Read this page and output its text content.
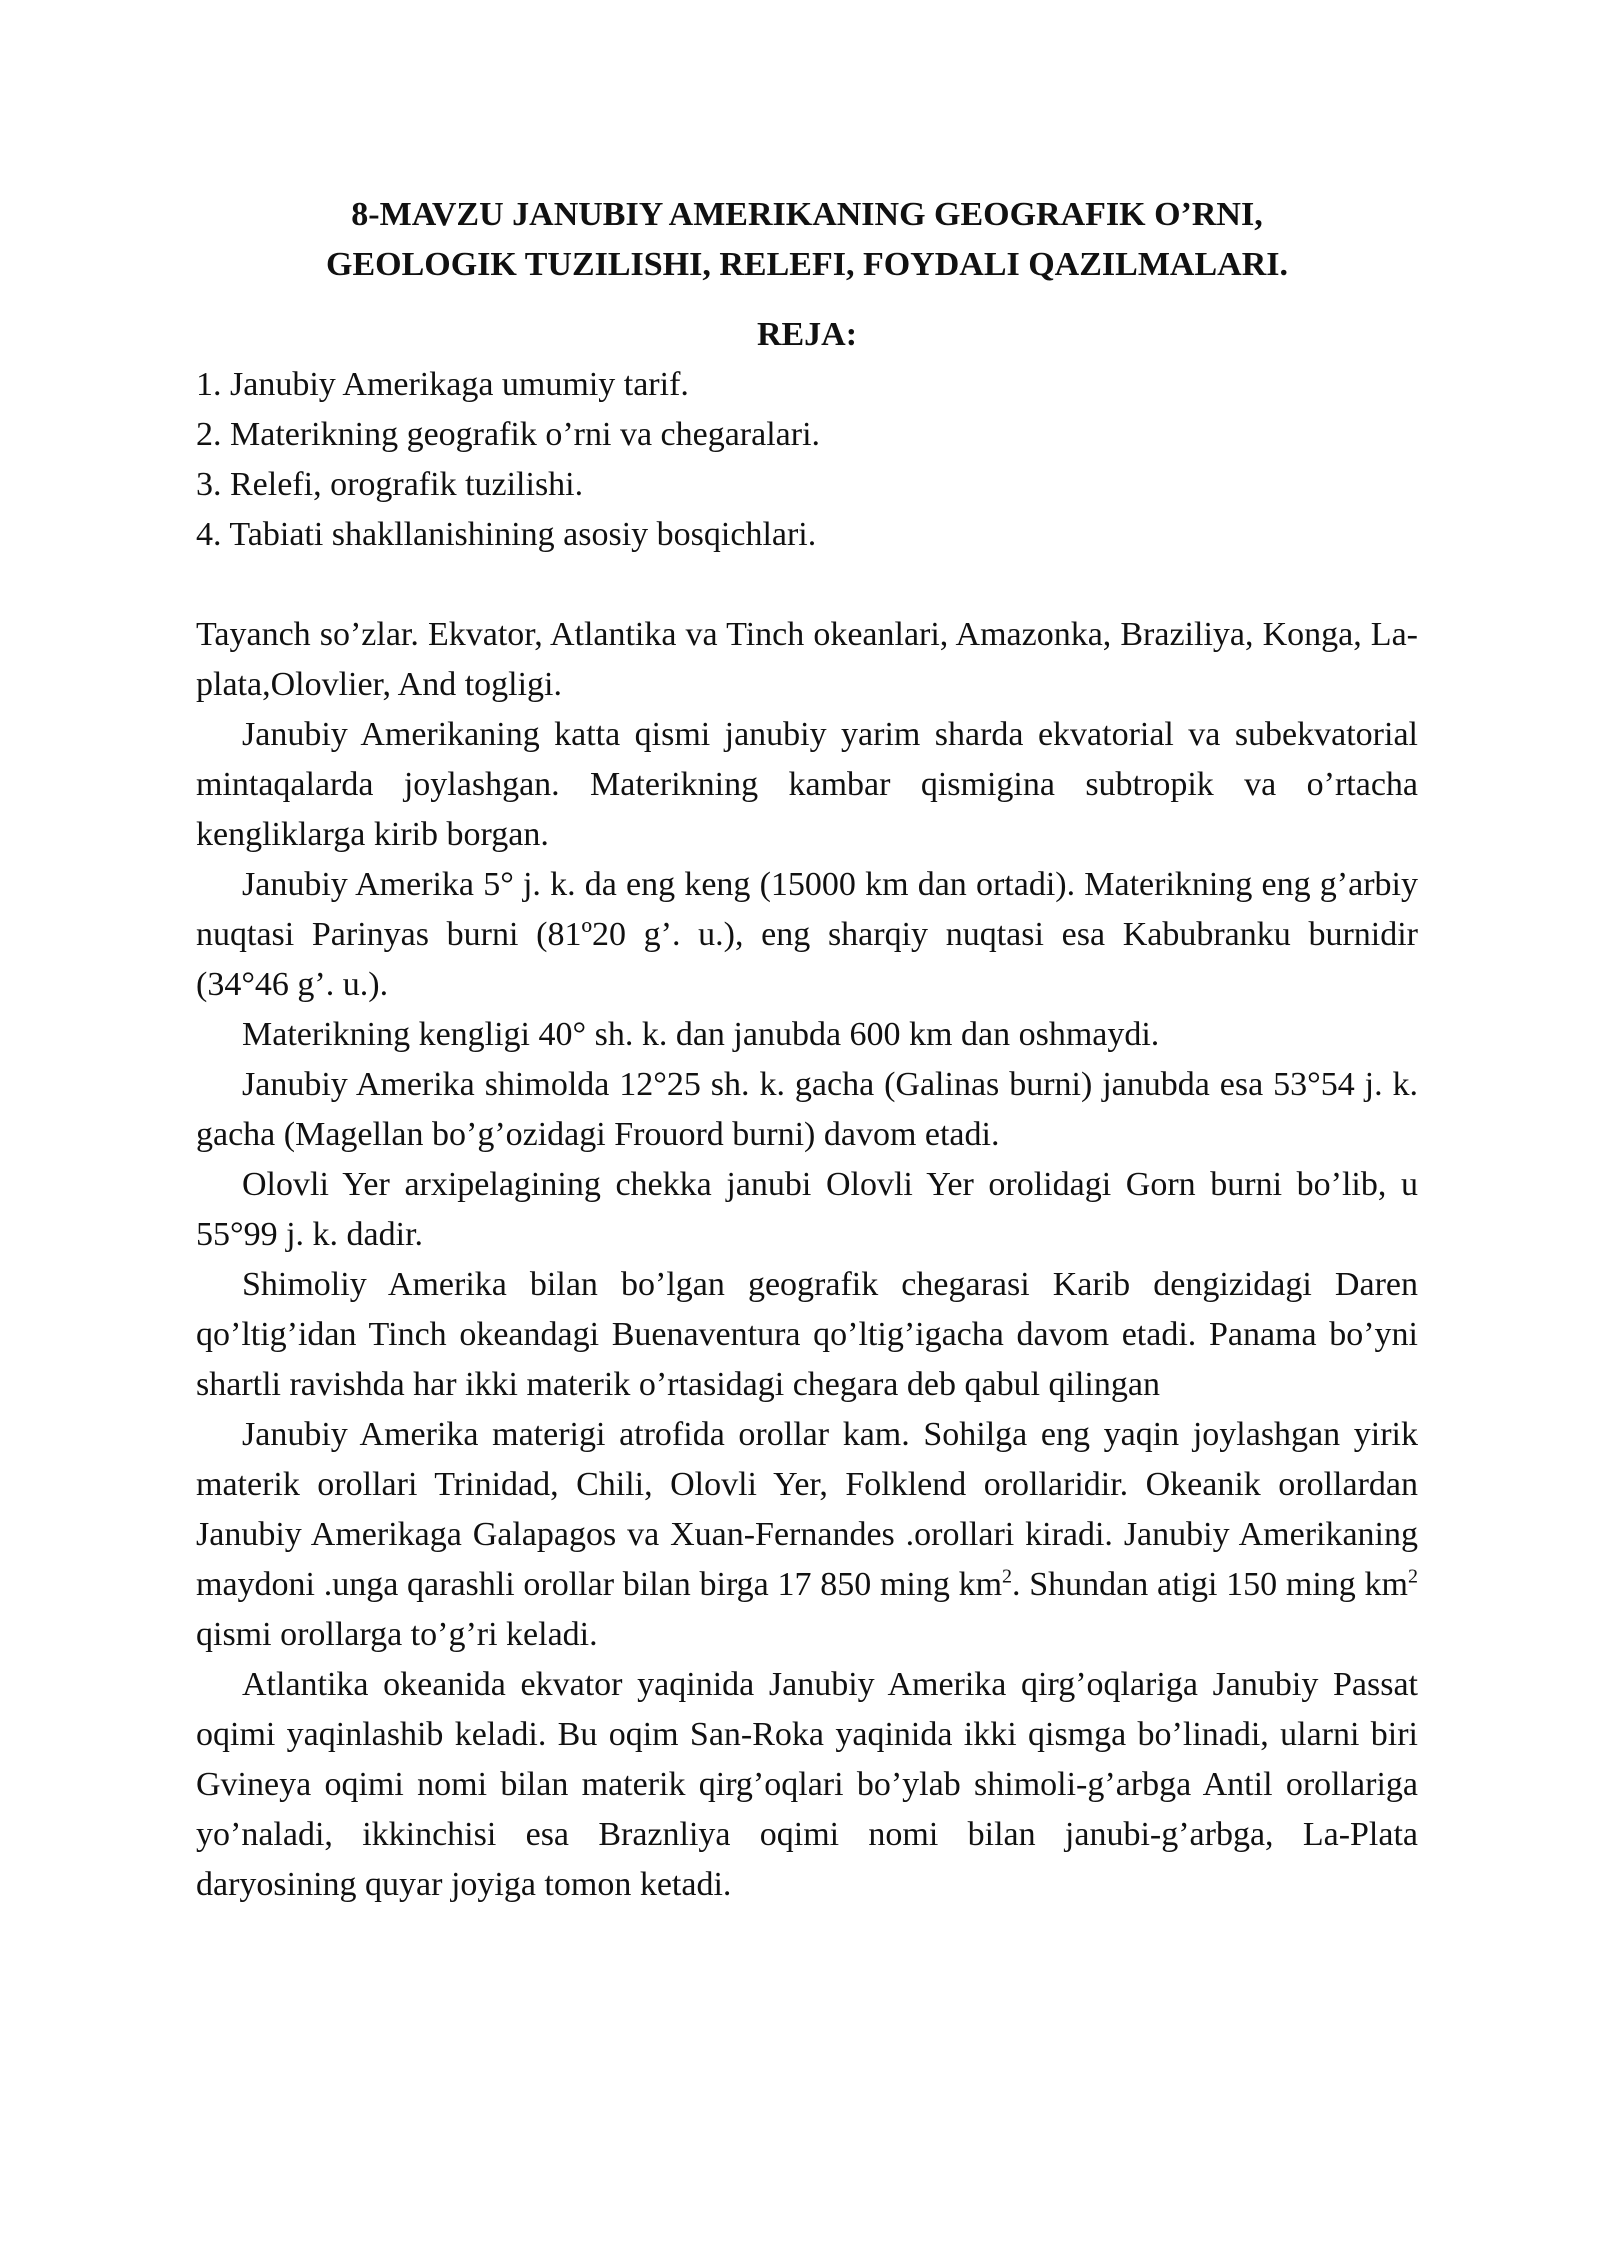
8-MAVZU JANUBIY AMERIKANING GEOGRAFIK O’RNI,
GEOLOGIK TUZILISHI, RELEFI, FOYDALI QAZILMALARI.

REJA:

1. Janubiy Amerikaga umumiy tarif.
2. Materikning geografik o’rni va chegaralari.
3. Relefi, orografik tuzilishi.
4. Tabiati shakllanishining asosiy bosqichlari.

Tayanch so’zlar. Ekvator, Atlantika va Tinch okeanlari, Amazonka, Braziliya, Konga, La-plata,Olovlier, And togligi.

Janubiy Amerikaning katta qismi janubiy yarim sharda ekvatorial va subekvatorial mintaqalarda joylashgan. Materikning kambar qismigina subtropik va o’rtacha kengliklarga kirib borgan.

Janubiy Amerika 5° j. k. da eng keng (15000 km dan ortadi). Materikning eng g’arbiy nuqtasi Parinyas burni (81º20 g’. u.), eng sharqiy nuqtasi esa Kabubranku burnidir (34°46 g’. u.).

Materikning kengligi 40° sh. k. dan janubda 600 km dan oshmaydi.

Janubiy Amerika shimolda 12°25 sh. k. gacha (Galinas burni) janubda esa 53°54 j. k. gacha (Magellan bo’g’ozidagi Frouord burni) davom etadi.

Olovli Yer arxipelagining chekka janubi Olovli Yer orolidagi Gorn burni bo’lib, u 55°99 j. k. dadir.

Shimoliy Amerika bilan bo’lgan geografik chegarasi Karib dengizidagi Daren qo’ltig’idan Tinch okeandagi Buenaventura qo’ltig’igacha davom etadi. Panama bo’yni shartli ravishda har ikki materik o’rtasidagi chegara deb qabul qilingan

Janubiy Amerika materigi atrofida orollar kam. Sohilga eng yaqin joylashgan yirik materik orollari Trinidad, Chili, Olovli Yer, Folklend orollaridir. Okeanik orollardan Janubiy Amerikaga Galapagos va Xuan-Fernandes .orollari kiradi. Janubiy Amerikaning maydoni .unga qarashli orollar bilan birga 17 850 ming $km^2$. Shundan atigi 150 ming $km^2$ qismi orollarga to’g’ri keladi.

Atlantika okeanida ekvator yaqinida Janubiy Amerika qirg’oqlariga Janubiy Passat oqimi yaqinlashib keladi. Bu oqim San-Roka yaqinida ikki qismga bo’linadi, ularni biri Gvineya oqimi nomi bilan materik qirg’oqlari bo’ylab shimoli-g’arbga Antil orollariga yo’naladi, ikkinchisi esa Braznliya oqimi nomi bilan janubi-g’arbga, La-Plata daryosining quyar joyiga tomon ketadi.
